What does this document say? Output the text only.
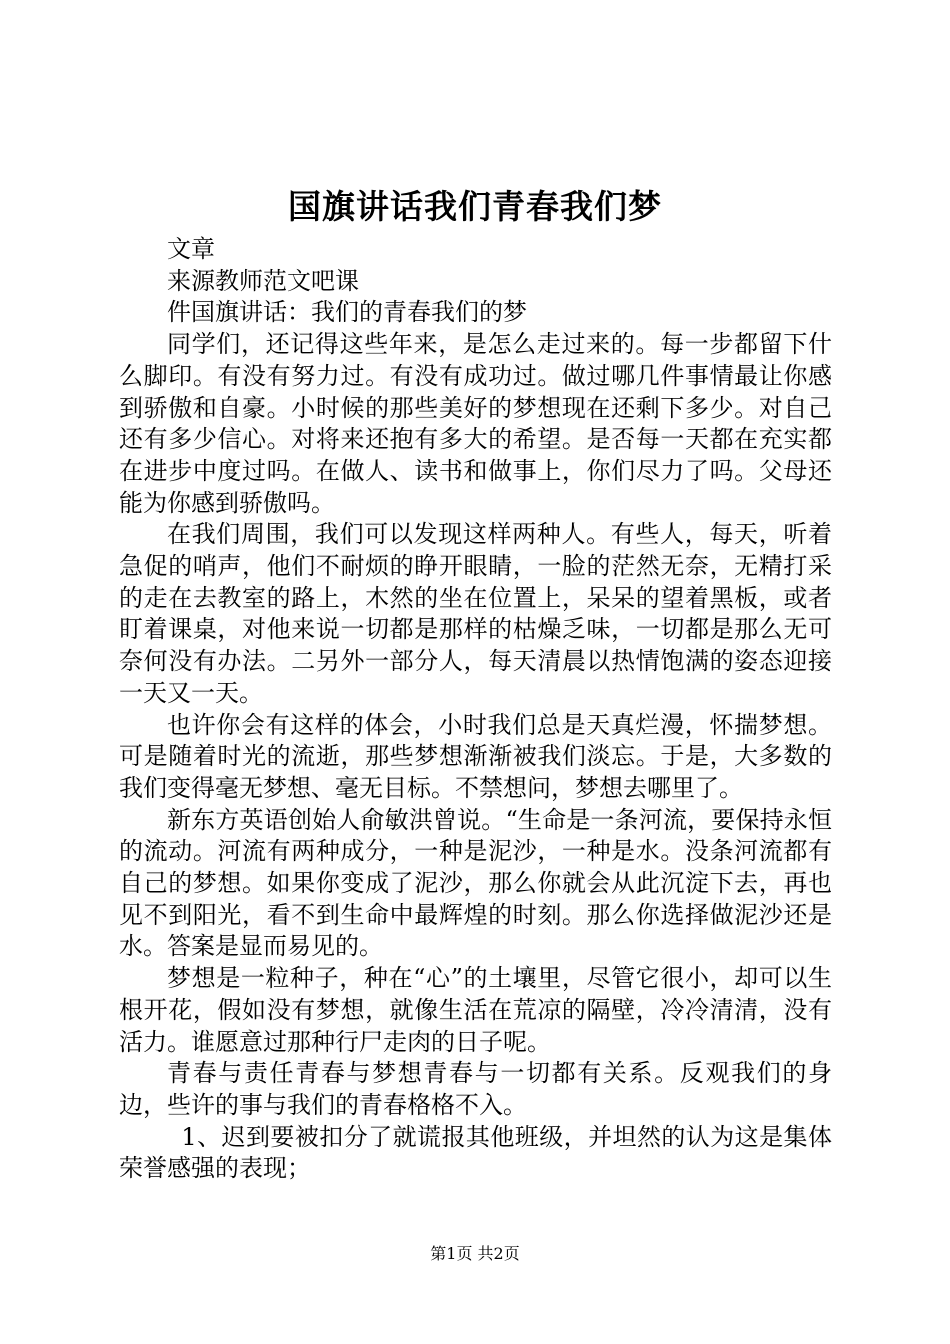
国旗讲话我们青春我们梦

文章

来源教师范文吧课

件国旗讲话：我们的青春我们的梦

同学们，还记得这些年来，是怎么走过来的。每一步都留下什么脚印。有没有努力过。有没有成功过。做过哪几件事情最让你感到骄傲和自豪。小时候的那些美好的梦想现在还剩下多少。对自己还有多少信心。对将来还抱有多大的希望。是否每一天都在充实都在进步中度过吗。在做人、读书和做事上，你们尽力了吗。父母还能为你感到骄傲吗。

在我们周围，我们可以发现这样两种人。有些人，每天，听着急促的哨声，他们不耐烦的睁开眼睛，一脸的茫然无奈，无精打采的走在去教室的路上，木然的坐在位置上，呆呆的望着黑板，或者盯着课桌，对他来说一切都是那样的枯燥乏味，一切都是那么无可奈何没有办法。二另外一部分人，每天清晨以热情饱满的姿态迎接一天又一天。

也许你会有这样的体会，小时我们总是天真烂漫，怀揣梦想。可是随着时光的流逝，那些梦想渐渐被我们淡忘。于是，大多数的我们变得毫无梦想、毫无目标。不禁想问，梦想去哪里了。

新东方英语创始人俞敏洪曾说。“生命是一条河流，要保持永恒的流动。河流有两种成分，一种是泥沙，一种是水。没条河流都有自己的梦想。如果你变成了泥沙，那么你就会从此沉淀下去，再也见不到阳光，看不到生命中最辉煌的时刻。那么你选择做泥沙还是水。答案是显而易见的。

梦想是一粒种子，种在“心”的土壤里，尽管它很小，却可以生根开花，假如没有梦想，就像生活在荒凉的隔壁，冷冷清清，没有活力。谁愿意过那种行尸走肉的日子呢。

青春与责任青春与梦想青春与一切都有关系。反观我们的身边，些许的事与我们的青春格格不入。

1、迟到要被扣分了就谎报其他班级，并坦然的认为这是集体荣誉感强的表现；

第1页 共2页
